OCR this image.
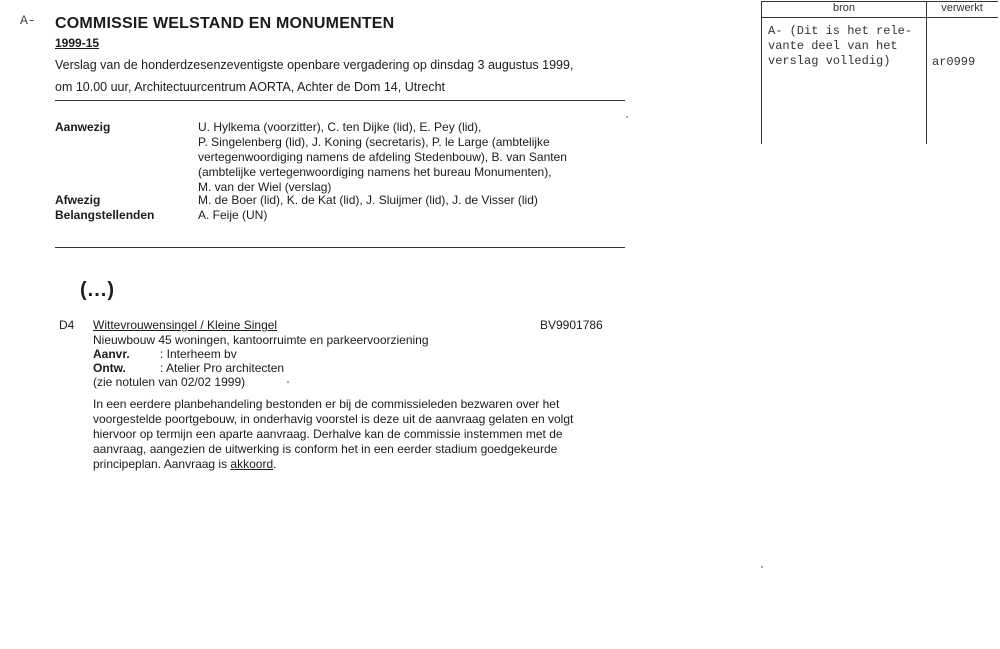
A- COMMISSIE WELSTAND EN MONUMENTEN
1999-15
Verslag van de honderdzesenzeventigste openbare vergadering op dinsdag 3 augustus 1999,
om 10.00 uur, Architectuurcentrum AORTA, Achter de Dom 14, Utrecht
Aanwezig	U. Hylkema (voorzitter), C. ten Dijke (lid), E. Pey (lid),
P. Singelenberg (lid), J. Koning (secretaris), P. le Large (ambtelijke
vertegenwoordiging namens de afdeling Stedenbouw), B. van Santen
(ambtelijke vertegenwoordiging namens het bureau Monumenten),
M. van der Wiel (verslag)
Afwezig	M. de Boer (lid), K. de Kat (lid), J. Sluijmer (lid), J. de Visser (lid)
Belangstellenden	A. Feije (UN)
(...)
D4 Wittevrouwensingel / Kleine Singel	BV9901786
Nieuwbouw 45 woningen, kantoorruimte en parkeervoorziening
Aanvr.	: Interheem bv
Ontw.	: Atelier Pro architecten
(zie notulen van 02/02 1999)
In een eerdere planbehandeling bestonden er bij de commissieleden bezwaren over het
voorgestelde poortgebouw, in onderhavig voorstel is deze uit de aanvraag gelaten en volgt
hiervoor op termijn een aparte aanvraag. Derhalve kan de commissie instemmen met de
aanvraag, aangezien de uitwerking is conform het in een eerder stadium goedgekeurde
principeplan. Aanvraag is akkoord.
bron	verwerkt
A- (Dit is het rele-
vante deel van het
verslag volledig)	ar0999
